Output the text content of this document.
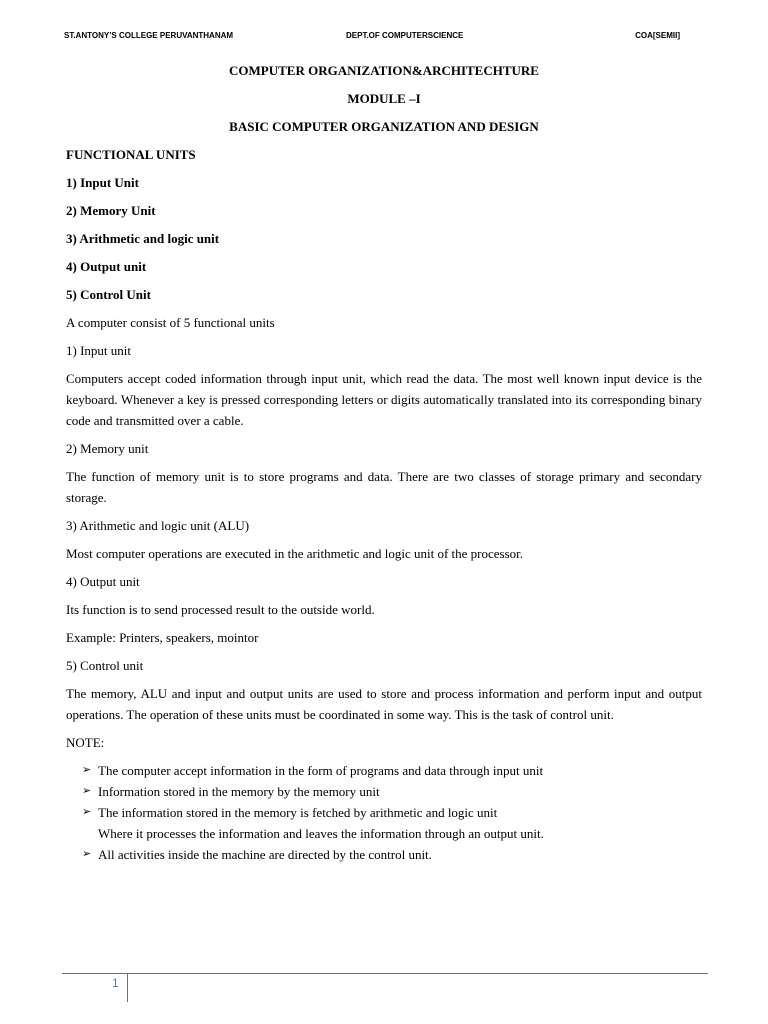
ST.ANTONY’S COLLEGE PERUVANTHANAM	DEPT.OF COMPUTERSCIENCE	COA[SEMII]
COMPUTER ORGANIZATION&ARCHITECHTURE
MODULE –I
BASIC COMPUTER ORGANIZATION AND DESIGN
FUNCTIONAL UNITS
1) Input Unit
2) Memory Unit
3) Arithmetic and logic unit
4) Output unit
5) Control Unit

A computer consist of 5 functional units

1) Input unit

Computers accept coded information through input unit, which read the data. The most well known input device is the keyboard. Whenever a key is pressed corresponding letters or digits automatically translated into its corresponding binary code and transmitted over a cable.

2) Memory unit

The function of memory unit is to store programs and data. There are two classes of storage primary and secondary storage.

3) Arithmetic and logic unit (ALU)

Most computer operations are executed in the arithmetic and logic unit of the processor.

4) Output unit

Its function is to send processed result to the outside world.

Example: Printers, speakers, mointor

5) Control unit

The memory, ALU and input and output units are used to store and process information and perform input and output operations. The operation of these units must be coordinated in some way. This is the task of control unit.

NOTE:

➢ The computer accept information in the form of programs and data through input unit
➢ Information stored in the memory by the memory unit
➢ The information stored in the memory is fetched by arithmetic and logic unit
Where it processes the information and leaves the information through an output unit.
➢ All activities inside the machine are directed by the control unit.
1
